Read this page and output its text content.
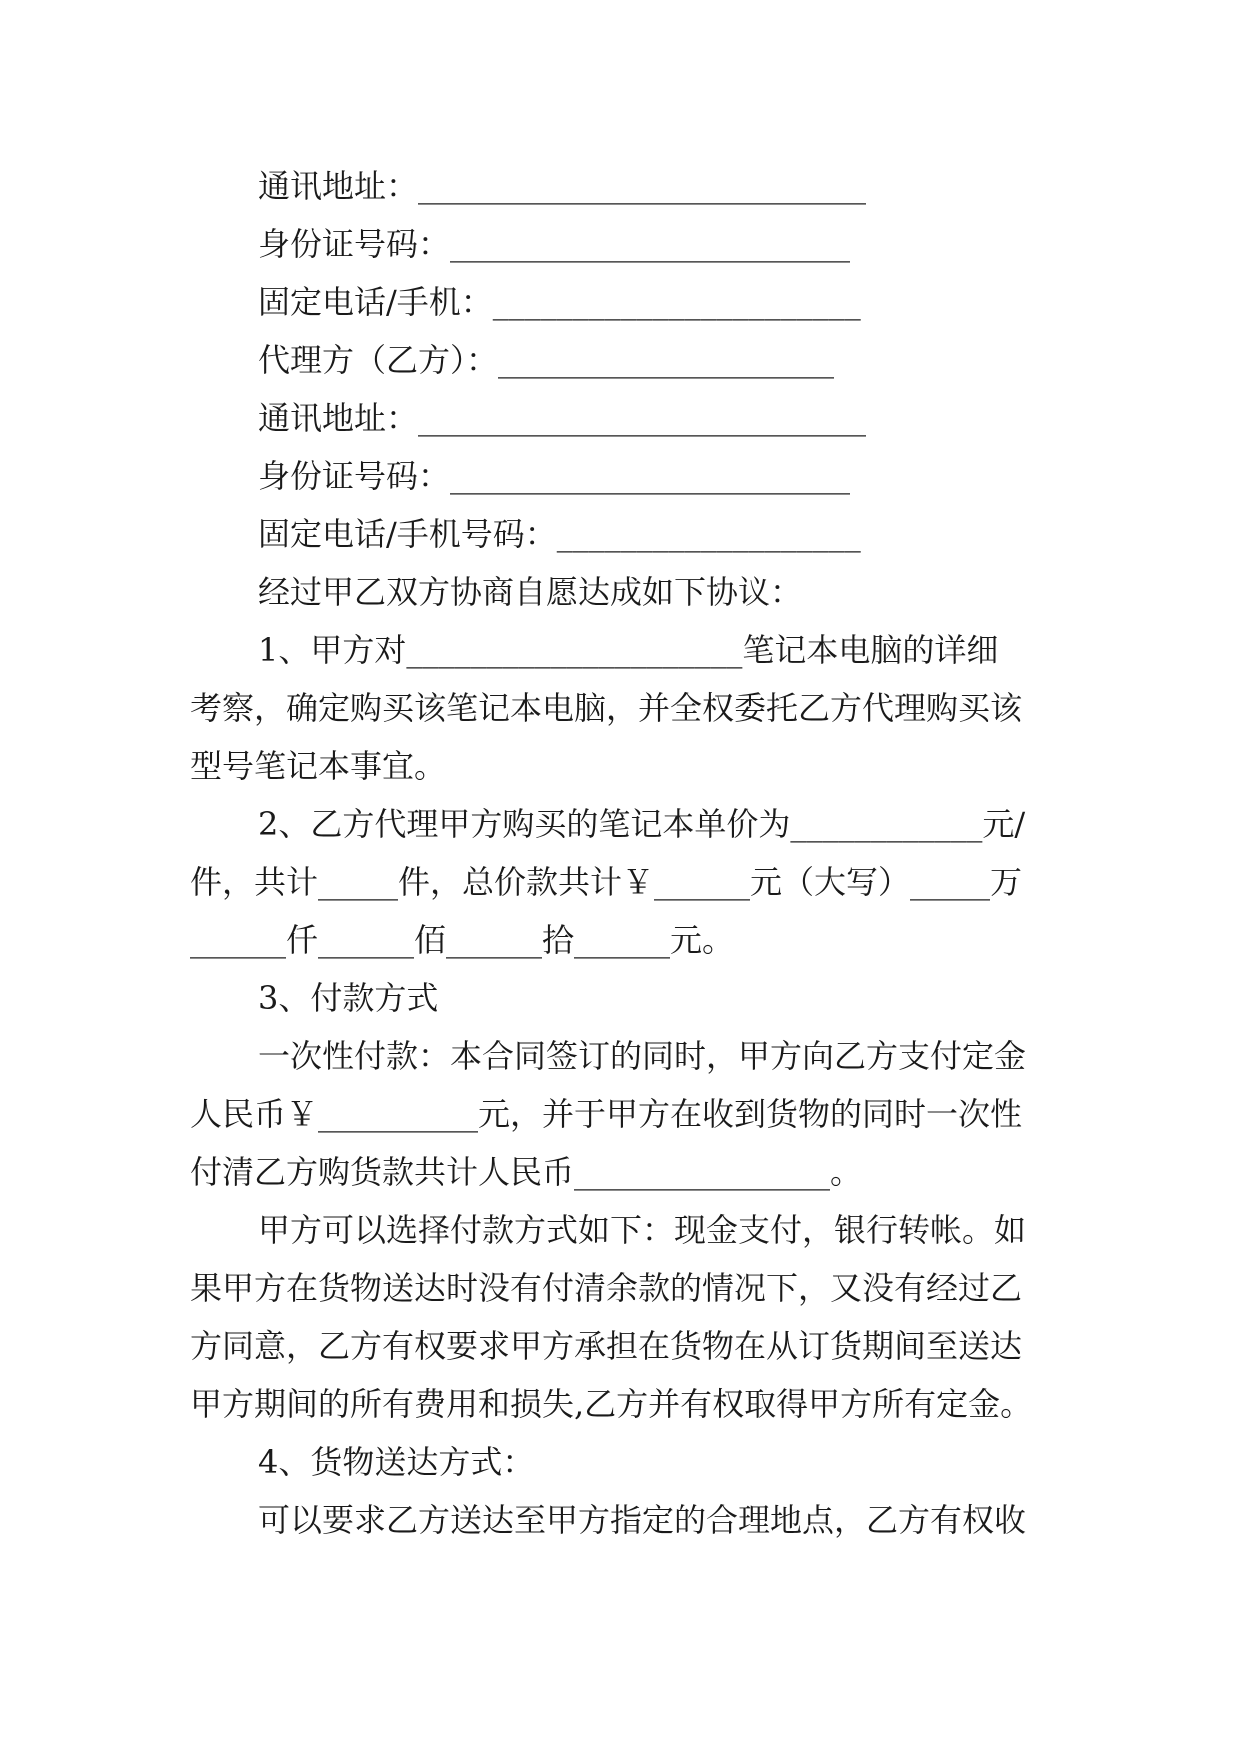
通讯地址：____________________________
身份证号码：_________________________
固定电话/手机：_______________________
代理方（乙方）：_____________________
通讯地址：____________________________
身份证号码：_________________________
固定电话/手机号码：___________________
经过甲乙双方协商自愿达成如下协议：
1、甲方对_____________________笔记本电脑的详细
考察，确定购买该笔记本电脑，并全权委托乙方代理购买该
型号笔记本事宜。
2、乙方代理甲方购买的笔记本单价为____________元/
件，共计_____件，总价款共计￥______元（大写）_____万
______仟______佰______拾______元。
3、付款方式
一次性付款：本合同签订的同时，甲方向乙方支付定金
人民币￥__________元，并于甲方在收到货物的同时一次性
付清乙方购货款共计人民币________________。
甲方可以选择付款方式如下：现金支付，银行转帐。如
果甲方在货物送达时没有付清余款的情况下，又没有经过乙
方同意，乙方有权要求甲方承担在货物在从订货期间至送达
甲方期间的所有费用和损失,乙方并有权取得甲方所有定金。
4、货物送达方式：
可以要求乙方送达至甲方指定的合理地点，乙方有权收
